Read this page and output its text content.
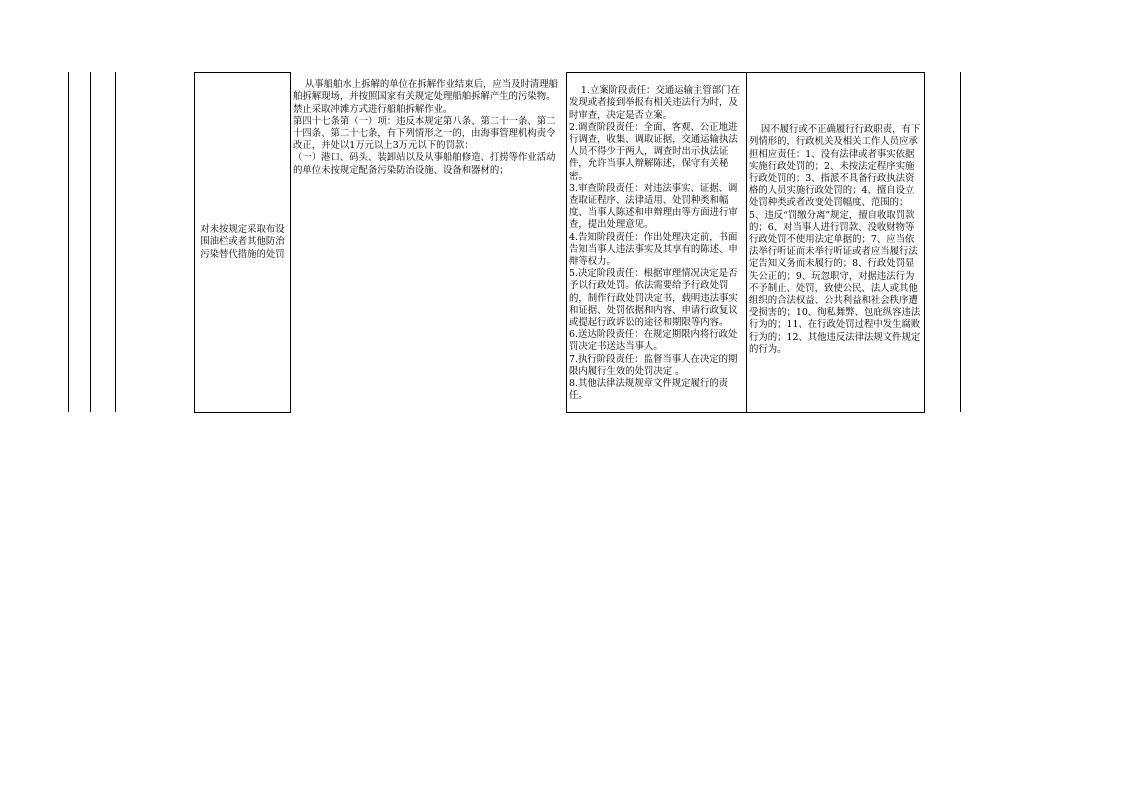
对未按规定采取布设围油栏或者其他防治污染替代措施的处罚

从事船舶水上拆解的单位在拆解作业结束后，应当及时清理船舶拆解现场，并按照国家有关规定处理船舶拆解产生的污染物。
禁止采取冲滩方式进行船舶拆解作业。
第四十七条第（一）项：违反本规定第八条、第二十一条、第二十四条、第二十七条，有下列情形之一的，由海事管理机构责令改正，并处以1万元以上3万元以下的罚款：
（一）港口、码头、装卸站以及从事船舶修造、打捞等作业活动的单位未按规定配备污染防治设施、设备和器材的；

1.立案阶段责任：交通运输主管部门在发现或者接到举报有相关违法行为时，及时审查，决定是否立案。
2.调查阶段责任：全面、客观、公正地进行调查，收集、调取证据，交通运输执法人员不得少于两人，调查时出示执法证件，允许当事人辩解陈述，保守有关秘密。
3.审查阶段责任：对违法事实、证据、调查取证程序、法律适用、处罚种类和幅度、当事人陈述和申辩理由等方面进行审查，提出处理意见。
4.告知阶段责任：作出处理决定前，书面告知当事人违法事实及其享有的陈述、申辩等权力。
5.决定阶段责任：根据审理情况决定是否予以行政处罚。依法需要给予行政处罚的，制作行政处罚决定书，载明违法事实和证据、处罚依据和内容、申请行政复议或提起行政诉讼的途径和期限等内容。
6.送达阶段责任：在规定期限内将行政处罚决定书送达当事人。
7.执行阶段责任：监督当事人在决定的期限内履行生效的处罚决定 。
8.其他法律法规规章文件规定履行的责任。

因不履行或不正确履行行政职责，有下列情形的，行政机关及相关工作人员应承担相应责任：1、没有法律或者事实依据实施行政处罚的；2、未按法定程序实施行政处罚的；3、指派不具备行政执法资格的人员实施行政处罚的；4、擅自设立处罚种类或者改变处罚幅度、范围的；5、违反“罚缴分离”规定，擅自收取罚款的；6、对当事人进行罚款、没收财物等行政处罚不使用法定单据的；7、应当依法举行听证而未举行听证或者应当履行法定告知义务而未履行的；8、行政处罚显失公正的；9、玩忽职守，对据违法行为不予制止、处罚，致使公民、法人或其他组织的合法权益、公共利益和社会秩序遭受损害的；10、徇私舞弊、包庇纵容违法行为的；11、在行政处罚过程中发生腐败行为的；12、其他违反法律法规文件规定的行为。
